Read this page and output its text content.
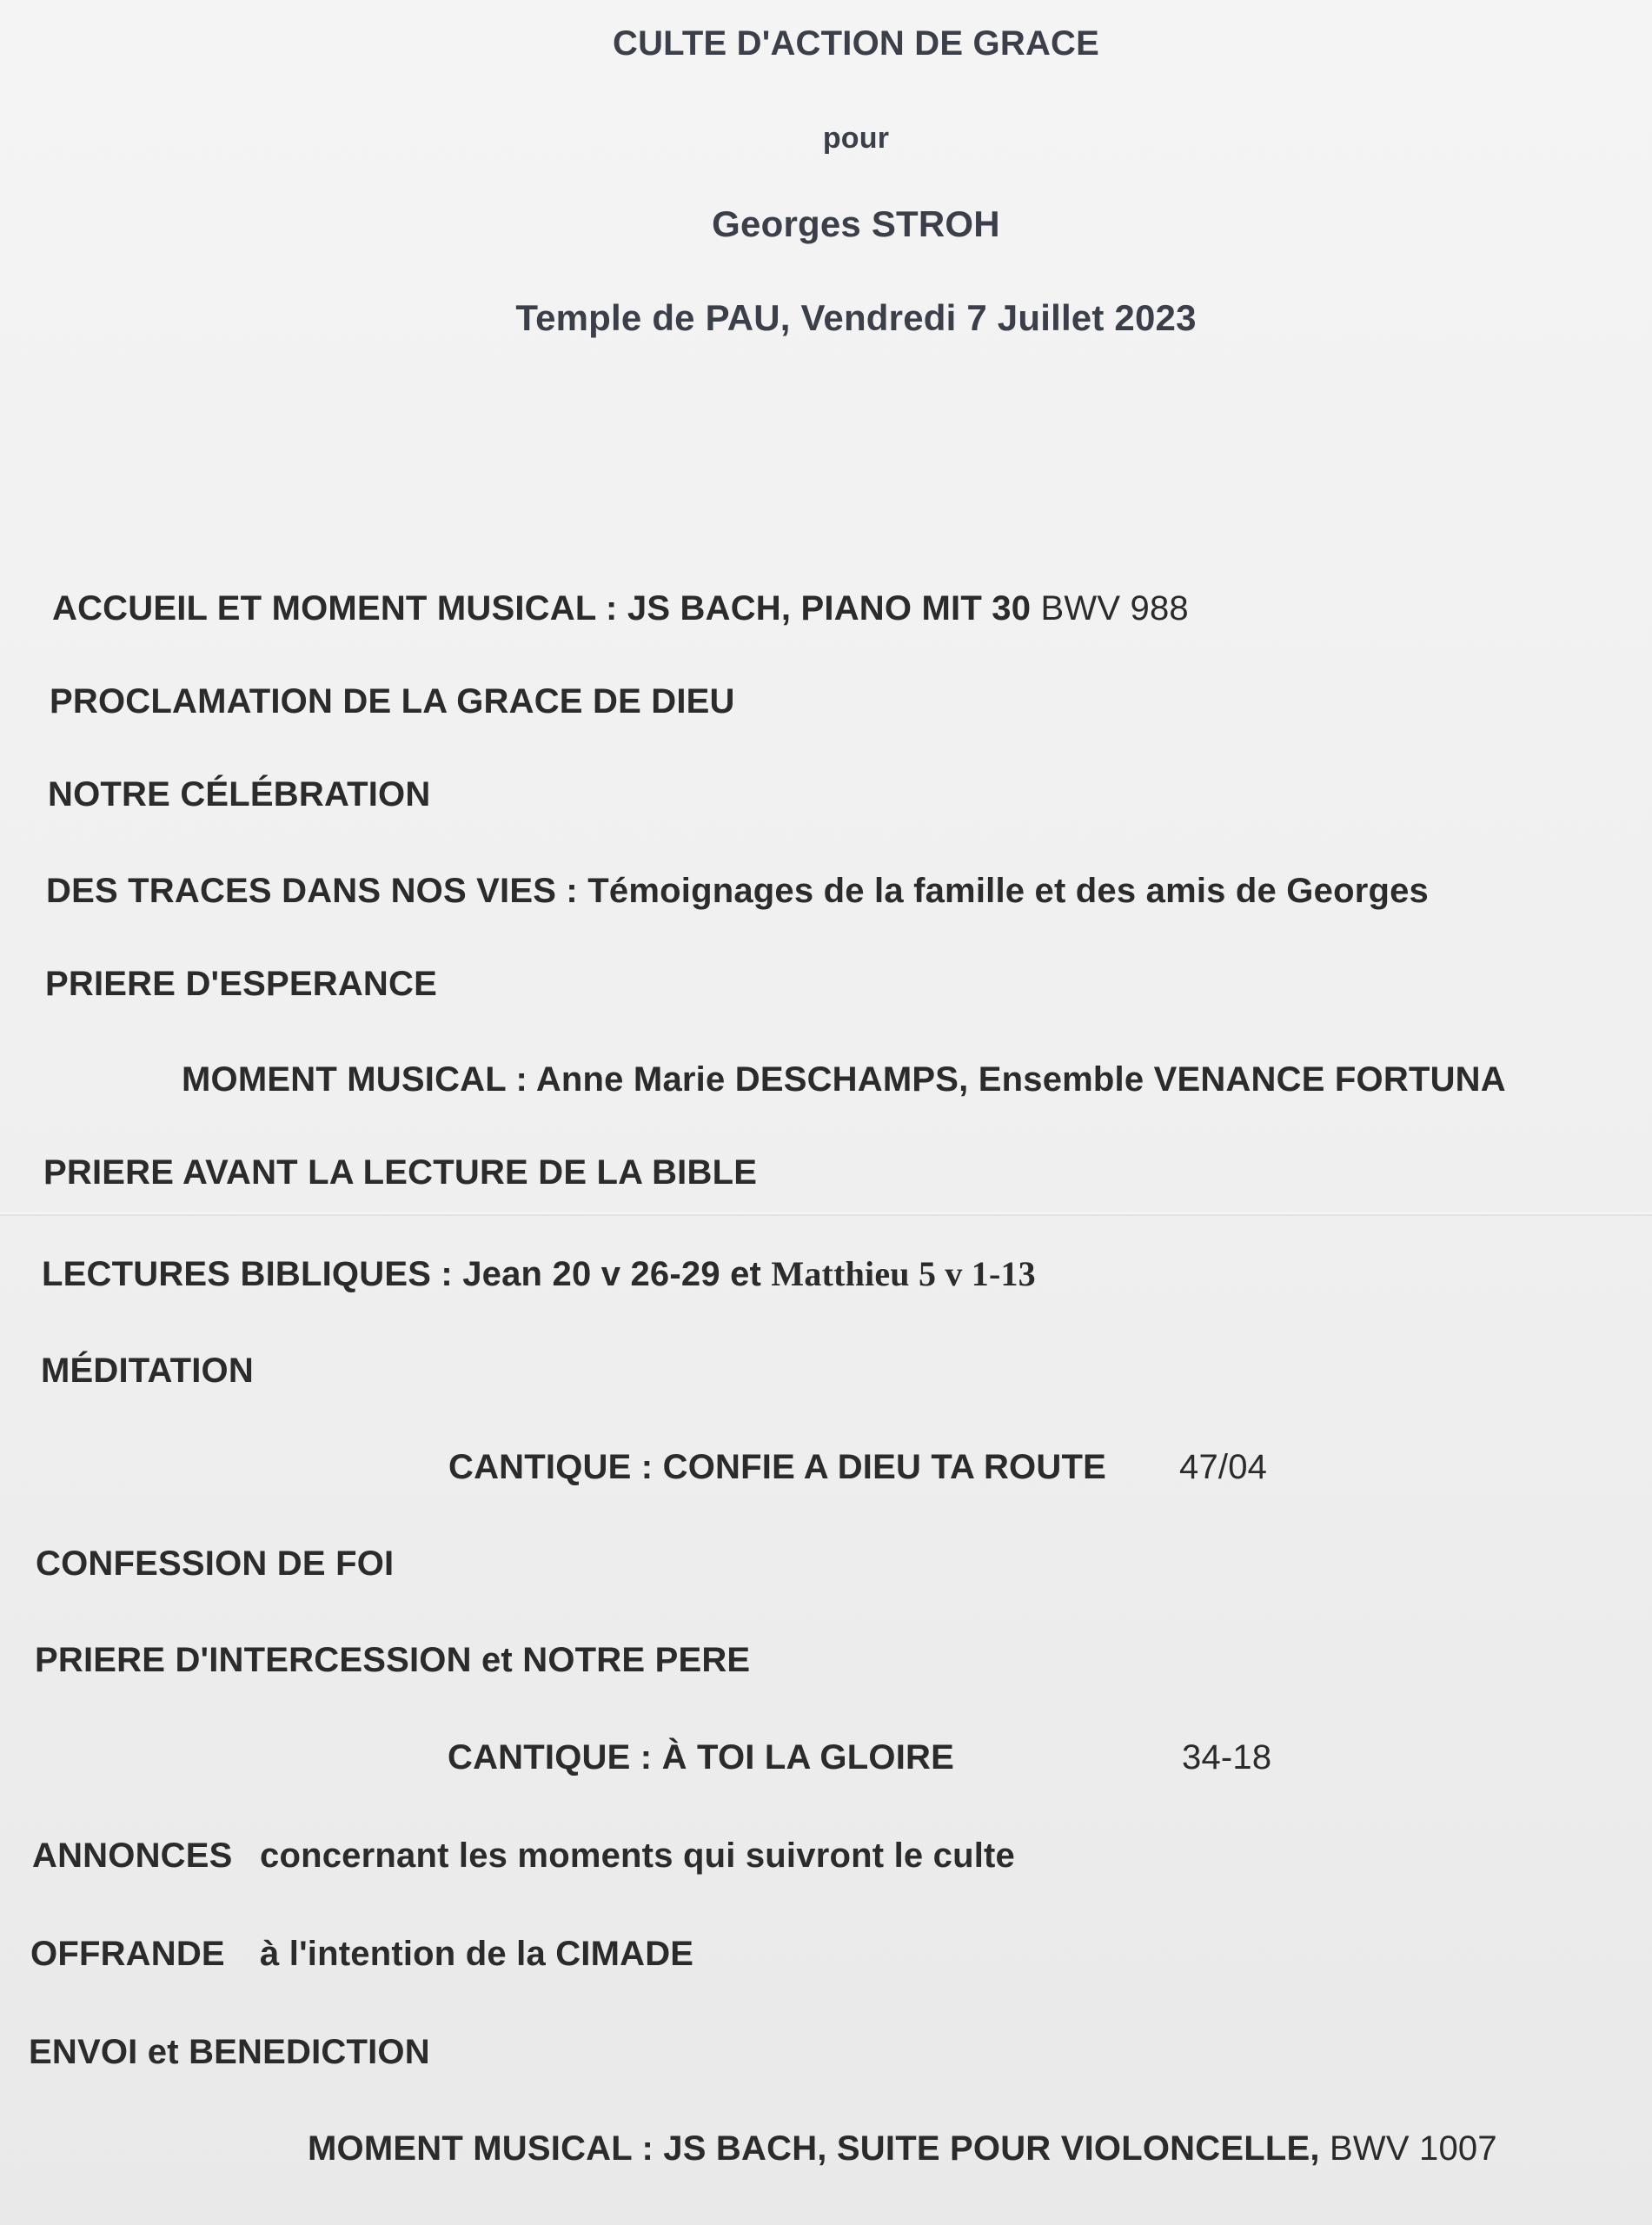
CULTE D'ACTION DE GRACE
pour
Georges STROH
Temple de PAU, Vendredi 7 Juillet 2023
ACCUEIL ET MOMENT MUSICAL : JS BACH, PIANO MIT 30 BWV 988
PROCLAMATION DE LA GRACE DE DIEU
NOTRE CÉLÉBRATION
DES TRACES DANS NOS VIES : Témoignages de la famille et des amis de Georges
PRIERE D'ESPERANCE
MOMENT MUSICAL : Anne Marie DESCHAMPS, Ensemble VENANCE FORTUNA
PRIERE AVANT LA LECTURE DE LA BIBLE
LECTURES BIBLIQUES : Jean 20 v 26-29 et Matthieu 5 v 1-13
MÉDITATION
CANTIQUE : CONFIE A DIEU TA ROUTE 47/04
CONFESSION DE FOI
PRIERE D'INTERCESSION et NOTRE PERE
CANTIQUE : À TOI LA GLOIRE	34-18
ANNONCES concernant les moments qui suivront le culte
OFFRANDE à l'intention de la CIMADE
ENVOI et BENEDICTION
MOMENT MUSICAL : JS BACH, SUITE POUR VIOLONCELLE, BWV 1007
